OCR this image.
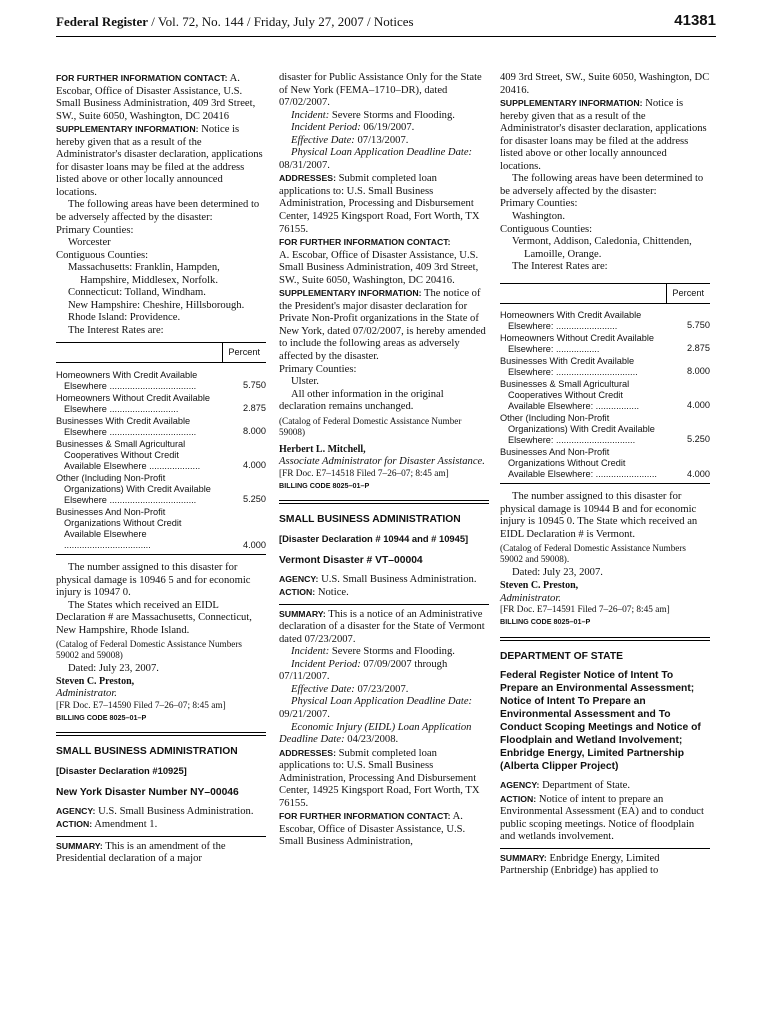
Federal Register / Vol. 72, No. 144 / Friday, July 27, 2007 / Notices	41381

FOR FURTHER INFORMATION CONTACT: A. Escobar, Office of Disaster Assistance, U.S. Small Business Administration, 409 3rd Street, SW., Suite 6050, Washington, DC 20416

SUPPLEMENTARY INFORMATION: Notice is hereby given that as a result of the Administrator's disaster declaration, applications for disaster loans may be filed at the address listed above or other locally announced locations.

The following areas have been determined to be adversely affected by the disaster:

Primary Counties:

Worcester

Contiguous Counties:

Massachusetts: Franklin, Hampden, Hampshire, Middlesex, Norfolk.

Connecticut: Tolland, Windham.

New Hampshire: Cheshire, Hillsborough.

Rhode Island: Providence.

The Interest Rates are:

	Percent

Homeowners With Credit Available Elsewhere ..................................	5.750
Homeowners Without Credit Available Elsewhere ...........................	2.875
Businesses With Credit Available Elsewhere ..................................	8.000
Businesses & Small Agricultural Cooperatives Without Credit Available Elsewhere ....................	4.000
Other (Including Non-Profit Organizations) With Credit Available Elsewhere ..................................	5.250
Businesses And Non-Profit Organizations Without Credit Available Elsewhere ..................................	4.000

The number assigned to this disaster for physical damage is 10946 5 and for economic injury is 10947 0.

The States which received an EIDL Declaration # are Massachusetts, Connecticut, New Hampshire, Rhode Island.

(Catalog of Federal Domestic Assistance Numbers 59002 and 59008)

Dated: July 23, 2007.

Steven C. Preston,

Administrator.

[FR Doc. E7–14590 Filed 7–26–07; 8:45 am]

BILLING CODE 8025–01–P

SMALL BUSINESS ADMINISTRATION

[Disaster Declaration #10925]

New York Disaster Number NY–00046

AGENCY: U.S. Small Business Administration.

ACTION: Amendment 1.

SUMMARY: This is an amendment of the Presidential declaration of a major

disaster for Public Assistance Only for the State of New York (FEMA–1710–DR), dated 07/02/2007.

Incident: Severe Storms and Flooding.

Incident Period: 06/19/2007.

Effective Date: 07/13/2007.

Physical Loan Application Deadline Date: 08/31/2007.

ADDRESSES: Submit completed loan applications to: U.S. Small Business Administration, Processing and Disbursement Center, 14925 Kingsport Road, Fort Worth, TX 76155.

FOR FURTHER INFORMATION CONTACT:
A. Escobar, Office of Disaster Assistance, U.S. Small Business Administration, 409 3rd Street, SW., Suite 6050, Washington, DC 20416.

SUPPLEMENTARY INFORMATION: The notice of the President's major disaster declaration for Private Non-Profit organizations in the State of New York, dated 07/02/2007, is hereby amended to include the following areas as adversely affected by the disaster.

Primary Counties:

Ulster.

All other information in the original declaration remains unchanged.

(Catalog of Federal Domestic Assistance Number 59008)

Herbert L. Mitchell,

Associate Administrator for Disaster Assistance.

[FR Doc. E7–14518 Filed 7–26–07; 8:45 am]

BILLING CODE 8025–01–P

SMALL BUSINESS ADMINISTRATION

[Disaster Declaration # 10944 and # 10945]

Vermont Disaster # VT–00004

AGENCY: U.S. Small Business Administration.

ACTION: Notice.

SUMMARY: This is a notice of an Administrative declaration of a disaster for the State of Vermont dated 07/23/2007.

Incident: Severe Storms and Flooding.

Incident Period: 07/09/2007 through 07/11/2007.

Effective Date: 07/23/2007.

Physical Loan Application Deadline Date: 09/21/2007.

Economic Injury (EIDL) Loan Application Deadline Date: 04/23/2008.

ADDRESSES: Submit completed loan applications to: U.S. Small Business Administration, Processing And Disbursement Center, 14925 Kingsport Road, Fort Worth, TX 76155.

FOR FURTHER INFORMATION CONTACT: A. Escobar, Office of Disaster Assistance, U.S. Small Business Administration,

409 3rd Street, SW., Suite 6050, Washington, DC 20416.

SUPPLEMENTARY INFORMATION: Notice is hereby given that as a result of the Administrator's disaster declaration, applications for disaster loans may be filed at the address listed above or other locally announced locations.

The following areas have been determined to be adversely affected by the disaster:

Primary Counties:

Washington.

Contiguous Counties:

Vermont, Addison, Caledonia, Chittenden, Lamoille, Orange.

The Interest Rates are:

	Percent

Homeowners With Credit Available Elsewhere: ........................	5.750
Homeowners Without Credit Available Elsewhere: .................	2.875
Businesses With Credit Available Elsewhere: ................................	8.000
Businesses & Small Agricultural Cooperatives Without Credit Available Elsewhere: .................	4.000
Other (Including Non-Profit Organizations) With Credit Available Elsewhere: ...............................	5.250
Businesses And Non-Profit Organizations Without Credit Available Elsewhere: ........................	4.000

The number assigned to this disaster for physical damage is 10944 B and for economic injury is 10945 0. The State which received an EIDL Declaration # is Vermont.

(Catalog of Federal Domestic Assistance Numbers 59002 and 59008).

Dated: July 23, 2007.

Steven C. Preston,

Administrator.

[FR Doc. E7–14591 Filed 7–26–07; 8:45 am]

BILLING CODE 8025–01–P

DEPARTMENT OF STATE

Federal Register Notice of Intent To Prepare an Environmental Assessment; Notice of Intent To Prepare an Environmental Assessment and To Conduct Scoping Meetings and Notice of Floodplain and Wetland Involvement; Enbridge Energy, Limited Partnership (Alberta Clipper Project)

AGENCY: Department of State.

ACTION: Notice of intent to prepare an Environmental Assessment (EA) and to conduct public scoping meetings. Notice of floodplain and wetlands involvement.

SUMMARY: Enbridge Energy, Limited Partnership (Enbridge) has applied to
